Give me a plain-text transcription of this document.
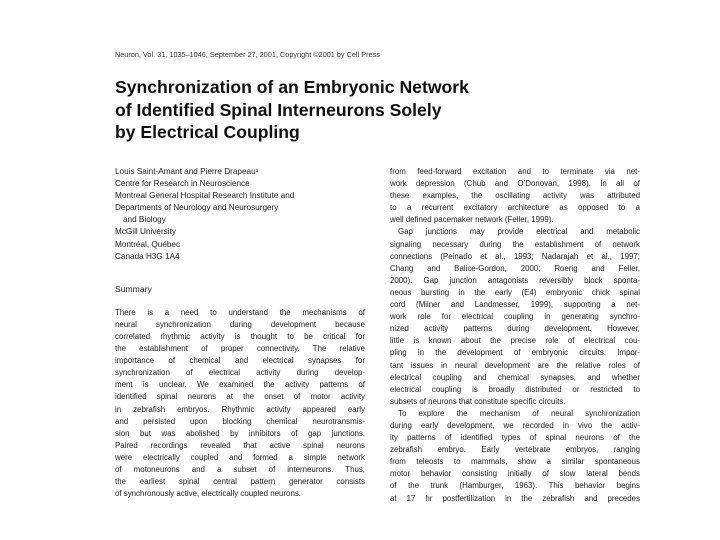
Neuron, Vol. 31, 1035–1046, September 27, 2001, Copyright ©2001 by Cell Press
Synchronization of an Embryonic Network
of Identified Spinal Interneurons Solely
by Electrical Coupling
Louis Saint-Amant and Pierre Drapeau¹
Centre for Research in Neuroscience
Montreal General Hospital Research Institute and
Departments of Neurology and Neurosurgery
and Biology
McGill University
Montréal, Québec
Canada H3G 1A4
Summary
There is a need to understand the mechanisms of
neural synchronization during development because
correlated rhythmic activity is thought to be critical for
the establishment of proper connectivity. The relative
importance of chemical and electrical synapses for
synchronization of electrical activity during develop-
ment is unclear. We examined the activity patterns of
identified spinal neurons at the onset of motor activity
in zebrafish embryos. Rhythmic activity appeared early
and persisted upon blocking chemical neurotransmis-
sion but was abolished by inhibitors of gap junctions.
Paired recordings revealed that active spinal neurons
were electrically coupled and formed a simple network
of motoneurons and a subset of interneurons. Thus,
the earliest spinal central pattern generator consists
of synchronously active, electrically coupled neurons.
from feed-forward excitation and to terminate via net-
work depression (Chub and O’Donovan, 1998). In all of
these examples, the oscillating activity was attributed
to a recurrent excitatory architecture as opposed to a
well defined pacemaker network (Feller, 1999).
Gap junctions may provide electrical and metabolic
signaling necessary during the establishment of network
connections (Peinado et al., 1993; Nadarajah et al., 1997;
Chang and Balice-Gordon, 2000; Roerig and Feller,
2000). Gap junction antagonists reversibly block sponta-
neous bursting in the early (E4) embryonic chick spinal
cord (Milner and Landmesser, 1999), supporting a net-
work role for electrical coupling in generating synchro-
nized activity patterns during development. However,
little is known about the precise role of electrical cou-
pling in the development of embryonic circuits. Impor-
tant issues in neural development are the relative roles of
electrical coupling and chemical synapses, and whether
electrical coupling is broadly distributed or restricted to
subsets of neurons that constitute specific circuits.
To explore the mechanism of neural synchronization
during early development, we recorded in vivo the activ-
ity patterns of identified types of spinal neurons of the
zebrafish embryo. Early vertebrate embryos, ranging
from teleosts to mammals, show a similar spontaneous
motor behavior consisting initially of slow lateral bends
of the trunk (Hamburger, 1963). This behavior begins
at 17 hr postfertilization in the zebrafish and precedes
